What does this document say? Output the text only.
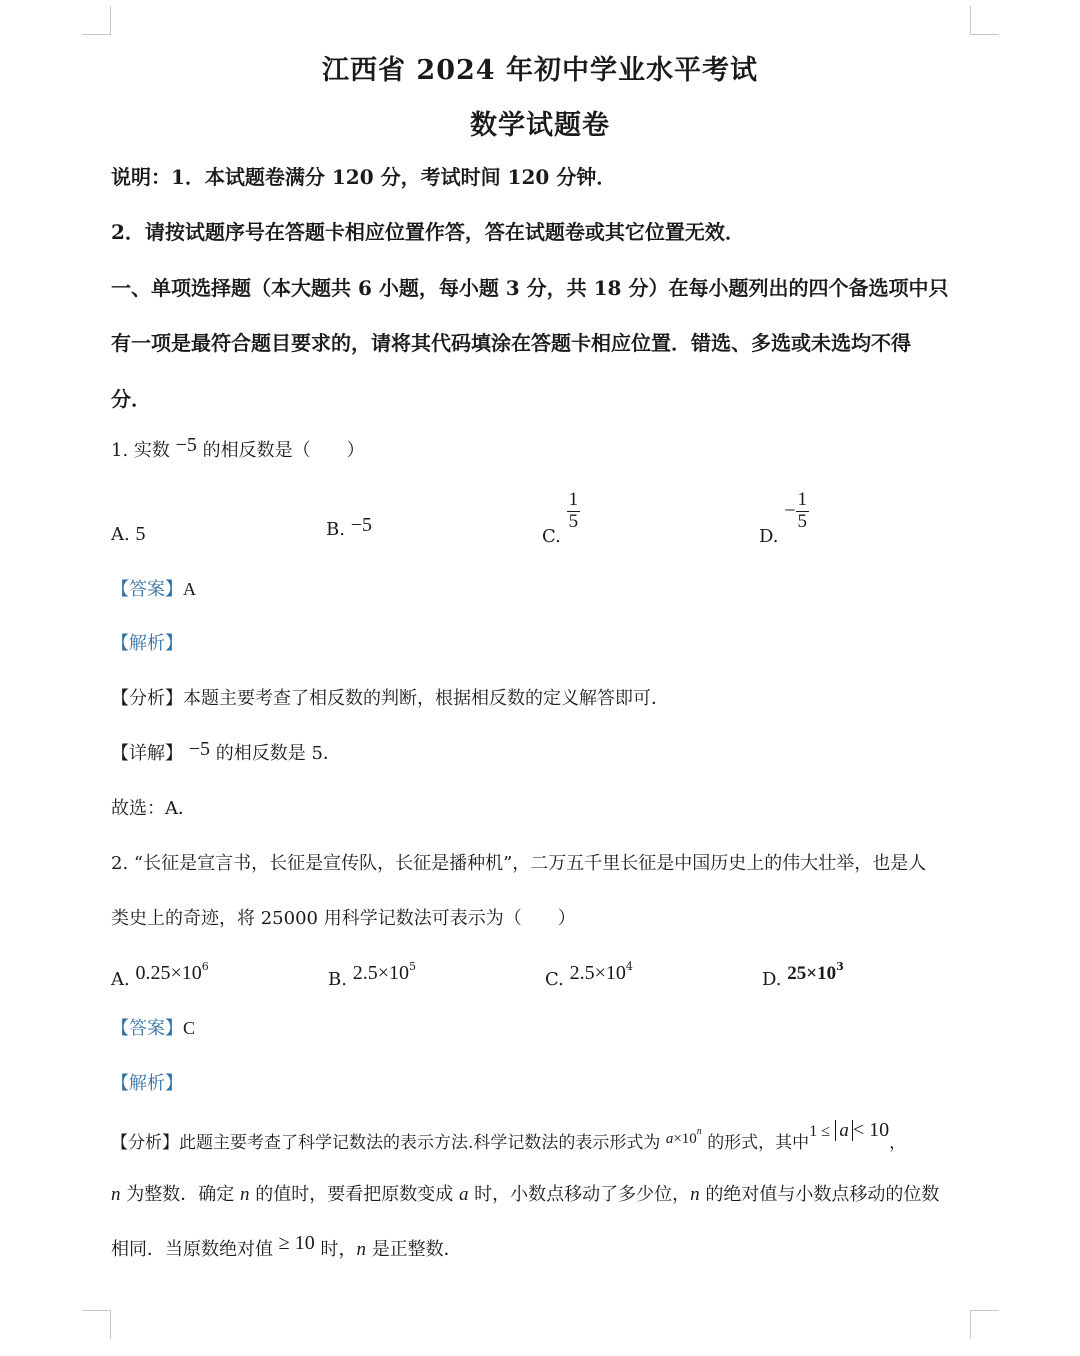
江西省 2024 年初中学业水平考试
数学试题卷
说明：1．本试题卷满分 120 分，考试时间 120 分钟．
2．请按试题序号在答题卡相应位置作答，答在试题卷或其它位置无效．
一、单项选择题（本大题共 6 小题，每小题 3 分，共 18 分）在每小题列出的四个备选项中只
有一项是最符合题目要求的，请将其代码填涂在答题卡相应位置．错选、多选或未选均不得
分．
1. 实数 −5 的相反数是（　　）
A. 5	B. −5
C.
$\frac{1}{5}$
D. − $\frac{1}{5}$
【答案】A
【解析】
【分析】本题主要考查了相反数的判断，根据相反数的定义解答即可．
【详解】 −5 的相反数是 5．
故选：A．
2. “长征是宣言书，长征是宣传队，长征是播种机”，二万五千里长征是中国历史上的伟大壮举，也是人
类史上的奇迹，将 25000 用科学记数法可表示为（　　）
A. $0.25\times 10^6$
B. $2.5\times 10^5$
C. $2.5\times 10^4$
D. $25\times 10^3$
【答案】C
【解析】
【分析】此题主要考查了科学记数法的表示方法.科学记数法的表示形式为 $a\times 10^n$ 的形式，其中1 ≤ a < 10，
n 为整数．确定 n 的值时，要看把原数变成 a 时，小数点移动了多少位，n 的绝对值与小数点移动的位数
相同．当原数绝对值 ≥ 10 时，n 是正整数．
